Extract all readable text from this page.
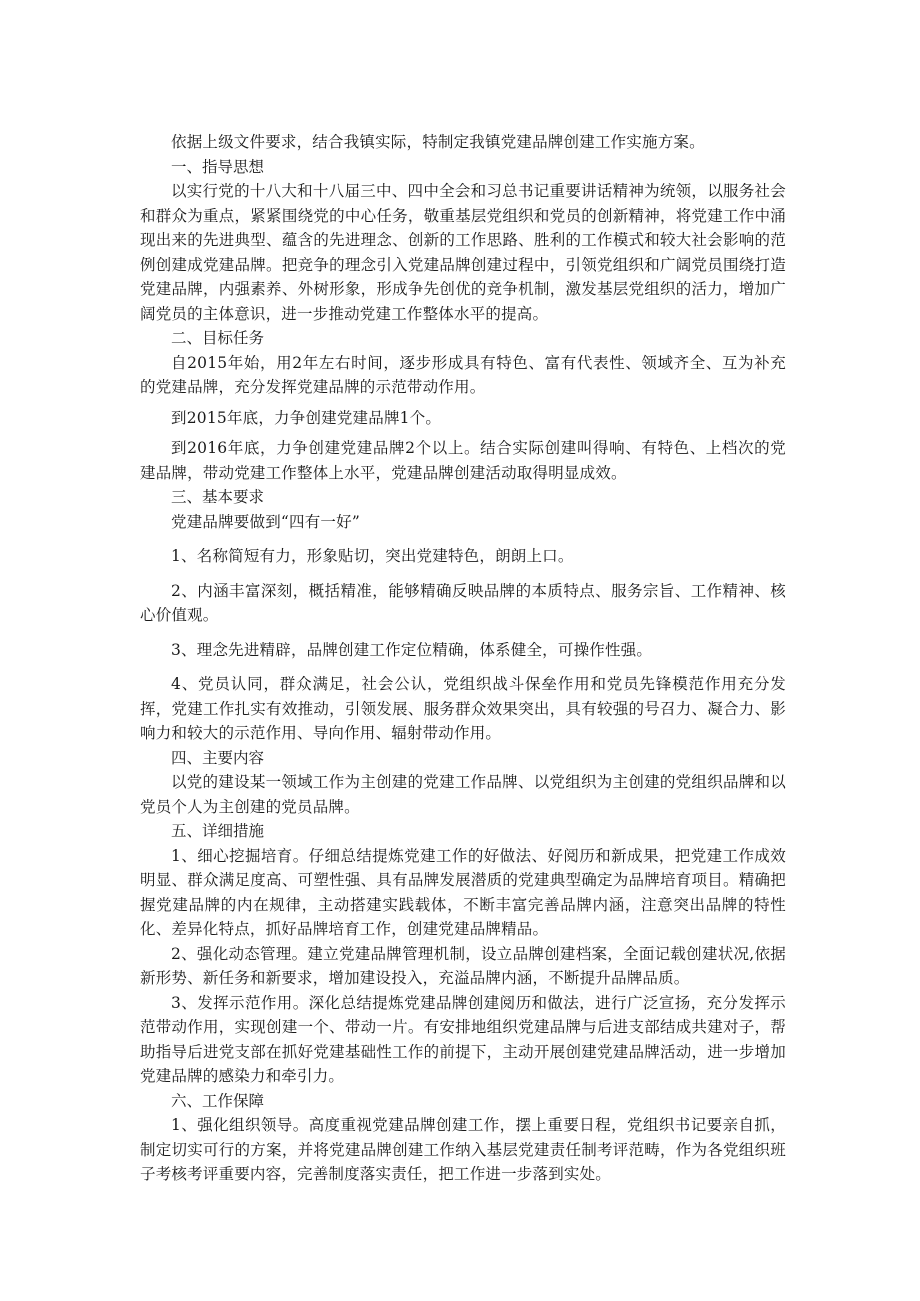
依据上级文件要求，结合我镇实际，特制定我镇党建品牌创建工作实施方案。

一、指导思想

以实行党的十八大和十八届三中、四中全会和习总书记重要讲话精神为统领，以服务社会和群众为重点，紧紧围绕党的中心任务，敬重基层党组织和党员的创新精神，将党建工作中涌现出来的先进典型、蕴含的先进理念、创新的工作思路、胜利的工作模式和较大社会影响的范例创建成党建品牌。把竞争的理念引入党建品牌创建过程中，引领党组织和广阔党员围绕打造党建品牌，内强素养、外树形象，形成争先创优的竞争机制，激发基层党组织的活力，增加广阔党员的主体意识，进一步推动党建工作整体水平的提高。

二、目标任务

自2015年始，用2年左右时间，逐步形成具有特色、富有代表性、领域齐全、互为补充的党建品牌，充分发挥党建品牌的示范带动作用。

到2015年底，力争创建党建品牌1个。

到2016年底，力争创建党建品牌2个以上。结合实际创建叫得响、有特色、上档次的党建品牌，带动党建工作整体上水平，党建品牌创建活动取得明显成效。

三、基本要求

党建品牌要做到“四有一好”

1、名称简短有力，形象贴切，突出党建特色，朗朗上口。

2、内涵丰富深刻，概括精准，能够精确反映品牌的本质特点、服务宗旨、工作精神、核心价值观。

3、理念先进精辟，品牌创建工作定位精确，体系健全，可操作性强。

4、党员认同，群众满足，社会公认，党组织战斗保垒作用和党员先锋模范作用充分发挥，党建工作扎实有效推动，引领发展、服务群众效果突出，具有较强的号召力、凝合力、影响力和较大的示范作用、导向作用、辐射带动作用。

四、主要内容

以党的建设某一领域工作为主创建的党建工作品牌、以党组织为主创建的党组织品牌和以党员个人为主创建的党员品牌。

五、详细措施

1、细心挖掘培育。仔细总结提炼党建工作的好做法、好阅历和新成果，把党建工作成效明显、群众满足度高、可塑性强、具有品牌发展潜质的党建典型确定为品牌培育项目。精确把握党建品牌的内在规律，主动搭建实践载体，不断丰富完善品牌内涵，注意突出品牌的特性化、差异化特点，抓好品牌培育工作，创建党建品牌精品。

2、强化动态管理。建立党建品牌管理机制，设立品牌创建档案，全面记载创建状况,依据新形势、新任务和新要求，增加建设投入，充溢品牌内涵，不断提升品牌品质。

3、发挥示范作用。深化总结提炼党建品牌创建阅历和做法，进行广泛宣扬，充分发挥示范带动作用，实现创建一个、带动一片。有安排地组织党建品牌与后进支部结成共建对子，帮助指导后进党支部在抓好党建基础性工作的前提下，主动开展创建党建品牌活动，进一步增加党建品牌的感染力和牵引力。

六、工作保障

1、强化组织领导。高度重视党建品牌创建工作，摆上重要日程，党组织书记要亲自抓，制定切实可行的方案，并将党建品牌创建工作纳入基层党建责任制考评范畴，作为各党组织班子考核考评重要内容，完善制度落实责任，把工作进一步落到实处。
